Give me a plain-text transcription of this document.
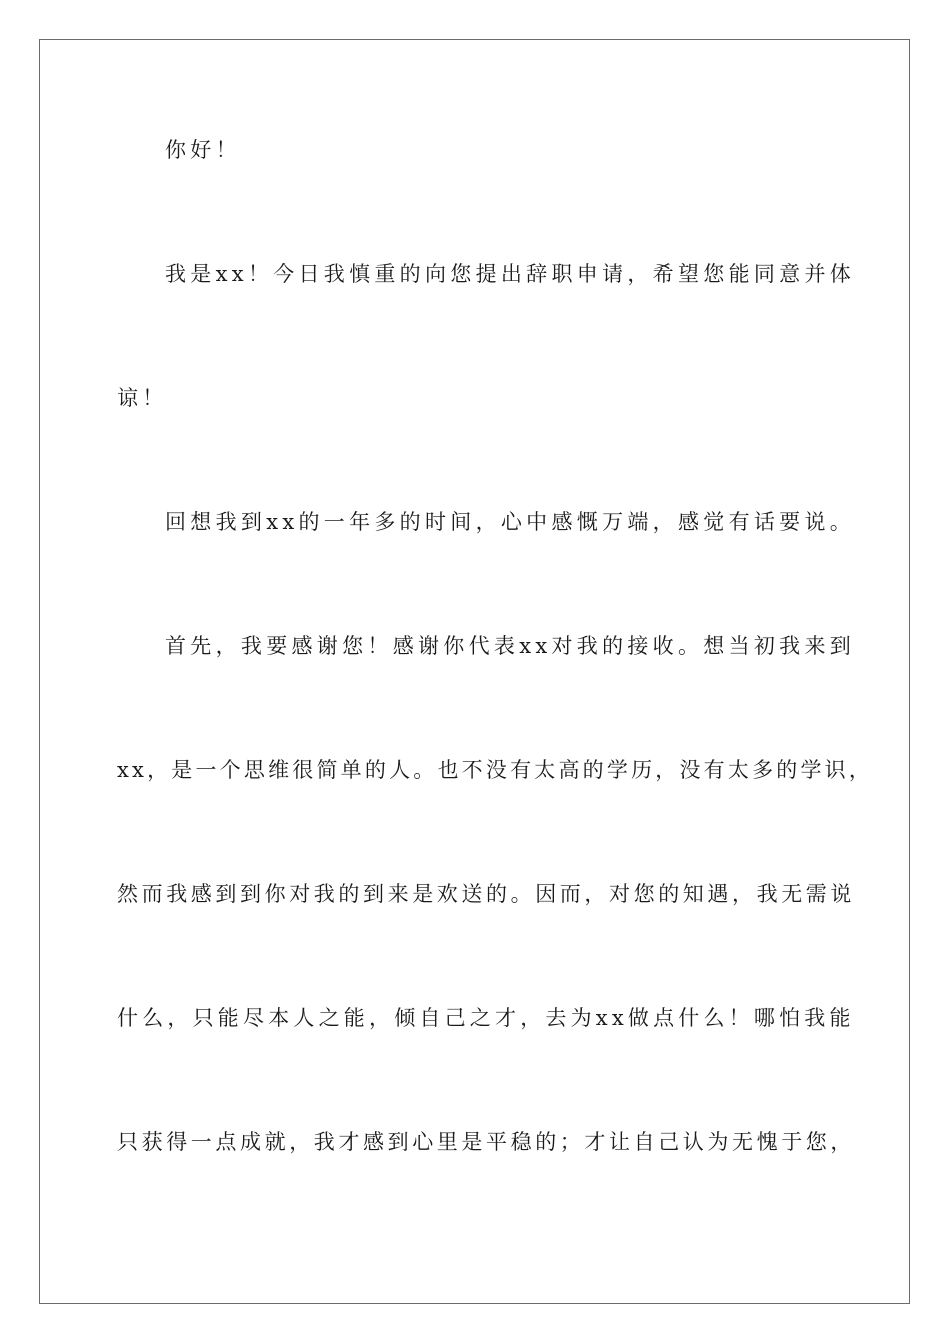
你好！
我是xx！今日我慎重的向您提出辞职申请，希望您能同意并体
谅！
回想我到xx的一年多的时间，心中感慨万端，感觉有话要说。
首先，我要感谢您！感谢你代表xx对我的接收。想当初我来到
xx，是一个思维很简单的人。也不没有太高的学历，没有太多的学识，
然而我感到到你对我的到来是欢送的。因而，对您的知遇，我无需说
什么，只能尽本人之能，倾自己之才，去为xx做点什么！哪怕我能
只获得一点成就，我才感到心里是平稳的；才让自己认为无愧于您，
